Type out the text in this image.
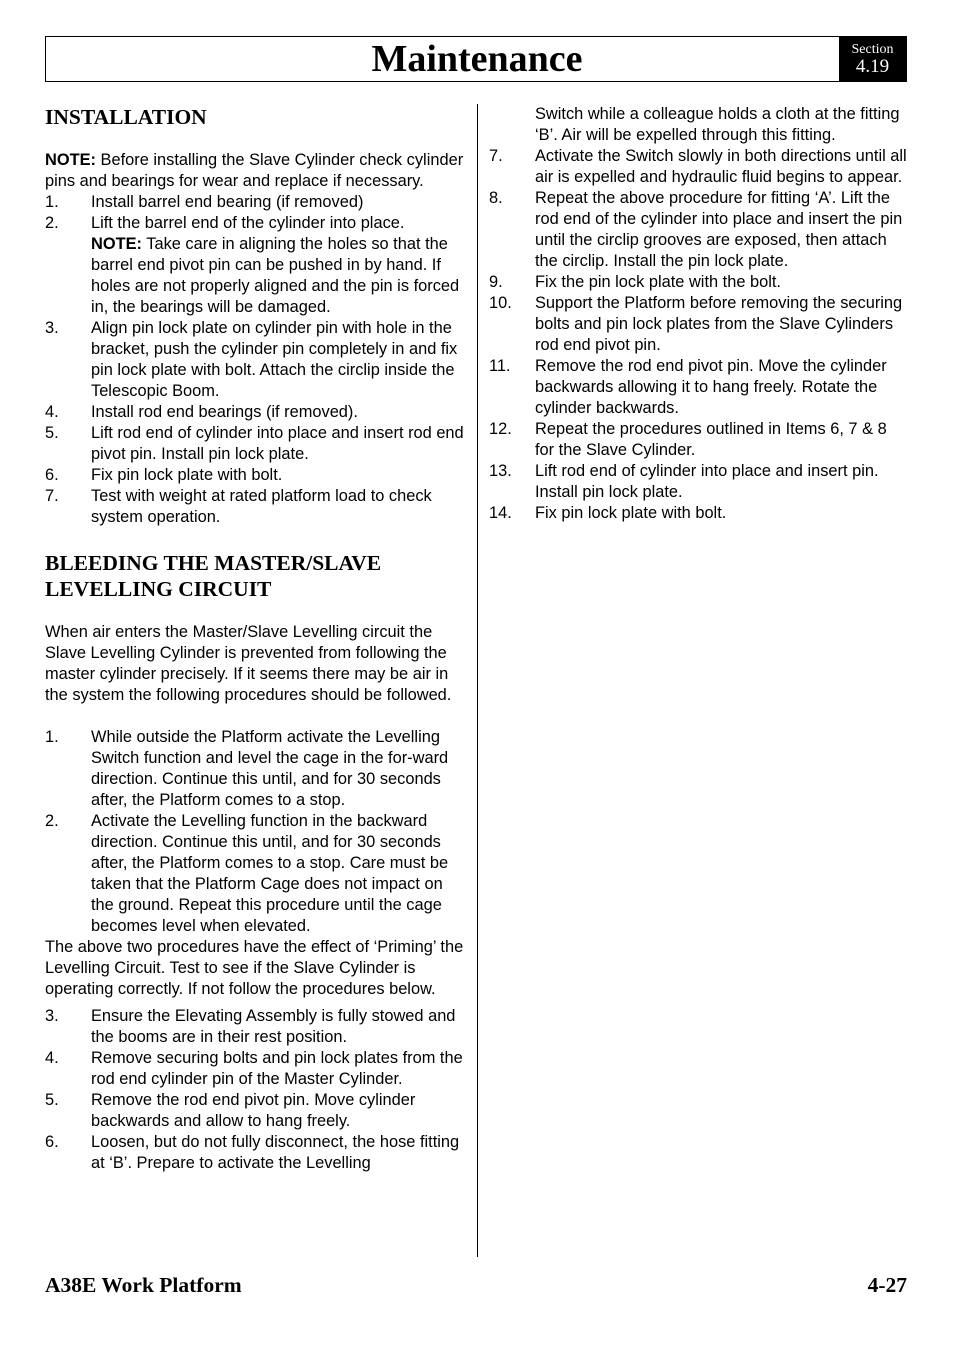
Maintenance	Section
4.19
INSTALLATION

NOTE: Before installing the Slave Cylinder check cylinder pins and bearings for wear and replace if necessary.

1. Install barrel end bearing (if removed)
2. Lift the barrel end of the cylinder into place.
NOTE: Take care in aligning the holes so that the barrel end pivot pin can be pushed in by hand. If holes are not properly aligned and the pin is forced in, the bearings will be damaged.
3. Align pin lock plate on cylinder pin with hole in the bracket, push the cylinder pin completely in and fix pin lock plate with bolt. Attach the circlip inside the Telescopic Boom.
4. Install rod end bearings (if removed).
5. Lift rod end of cylinder into place and insert rod end pivot pin. Install pin lock plate.
6. Fix pin lock plate with bolt.
7. Test with weight at rated platform load to check system operation.
BLEEDING THE MASTER/SLAVE
LEVELLING CIRCUIT

When air enters the Master/Slave Levelling circuit the Slave Levelling Cylinder is prevented from following the master cylinder precisely. If it seems there may be air in the system the following procedures should be followed.

1. While outside the Platform activate the Levelling Switch function and level the cage in the for-ward direction. Continue this until, and for 30 seconds after, the Platform comes to a stop.
2. Activate the Levelling function in the backward direction. Continue this until, and for 30 seconds after, the Platform comes to a stop. Care must be taken that the Platform Cage does not impact on the ground. Repeat this procedure until the cage becomes level when elevated.

The above two procedures have the effect of ‘Priming’ the Levelling Circuit. Test to see if the Slave Cylinder is operating correctly. If not follow the procedures below.

3. Ensure the Elevating Assembly is fully stowed and the booms are in their rest position.
4. Remove securing bolts and pin lock plates from the rod end cylinder pin of the Master Cylinder.
5. Remove the rod end pivot pin. Move cylinder backwards and allow to hang freely.
6. Loosen, but do not fully disconnect, the hose fitting at ‘B’. Prepare to activate the Levelling

Switch while a colleague holds a cloth at the fitting ‘B’. Air will be expelled through this fitting.

7. Activate the Switch slowly in both directions until all air is expelled and hydraulic fluid begins to appear.
8. Repeat the above procedure for fitting ‘A’. Lift the rod end of the cylinder into place and insert the pin until the circlip grooves are exposed, then attach the circlip. Install the pin lock plate.
9. Fix the pin lock plate with the bolt.
10. Support the Platform before removing the securing bolts and pin lock plates from the Slave Cylinders rod end pivot pin.
11. Remove the rod end pivot pin. Move the cylinder backwards allowing it to hang freely. Rotate the cylinder backwards.
12. Repeat the procedures outlined in Items 6, 7 & 8 for the Slave Cylinder.
13. Lift rod end of cylinder into place and insert pin. Install pin lock plate.
14. Fix pin lock plate with bolt.
A38E Work Platform	4-27
